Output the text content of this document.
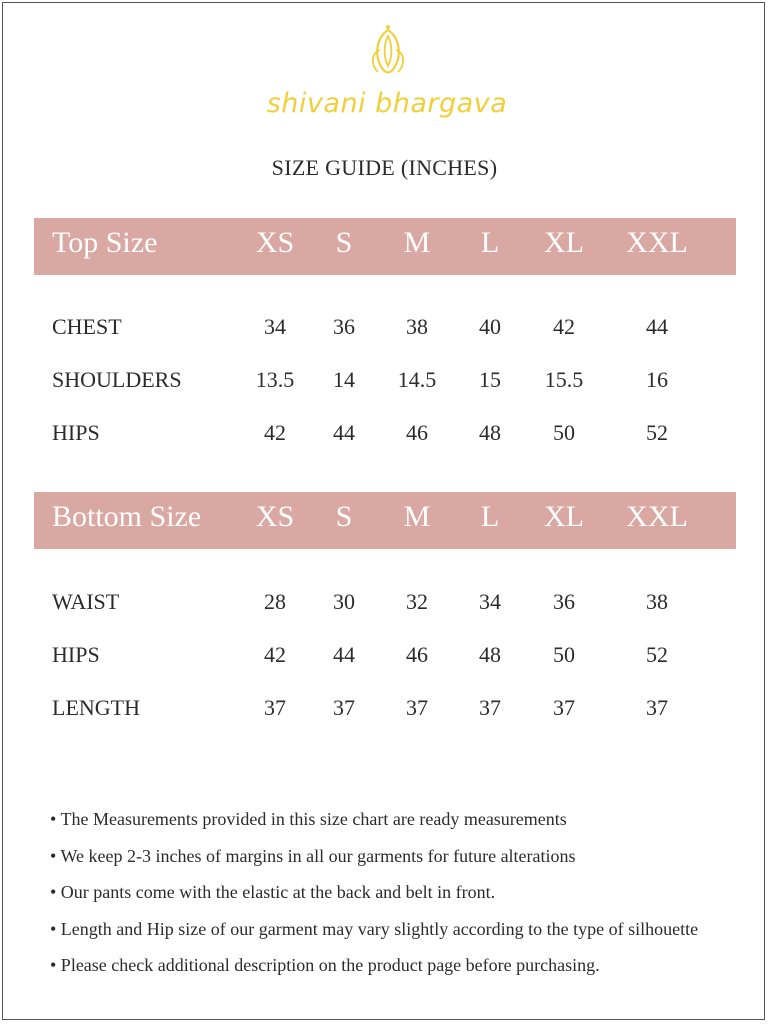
shivani bhargava
SIZE GUIDE (INCHES)
Top Size	XS S M L XL XXL
CHEST	34 36 38 40 42	44
SHOULDERS	13.5 14 14.5 15 15.5	16
HIPS	42 44 46 48 50	52
Bottom Size XS S M L XL XXL
WAIST	28 30 32 34 36	38
HIPS	42 44 46 48 50	52
LENGTH	37 37 37 37 37	37
• The Measurements provided in this size chart are ready measurements
• We keep 2-3 inches of margins in all our garments for future alterations
• Our pants come with the elastic at the back and belt in front.
• Length and Hip size of our garment may vary slightly according to the type of silhouette
• Please check additional description on the product page before purchasing.
